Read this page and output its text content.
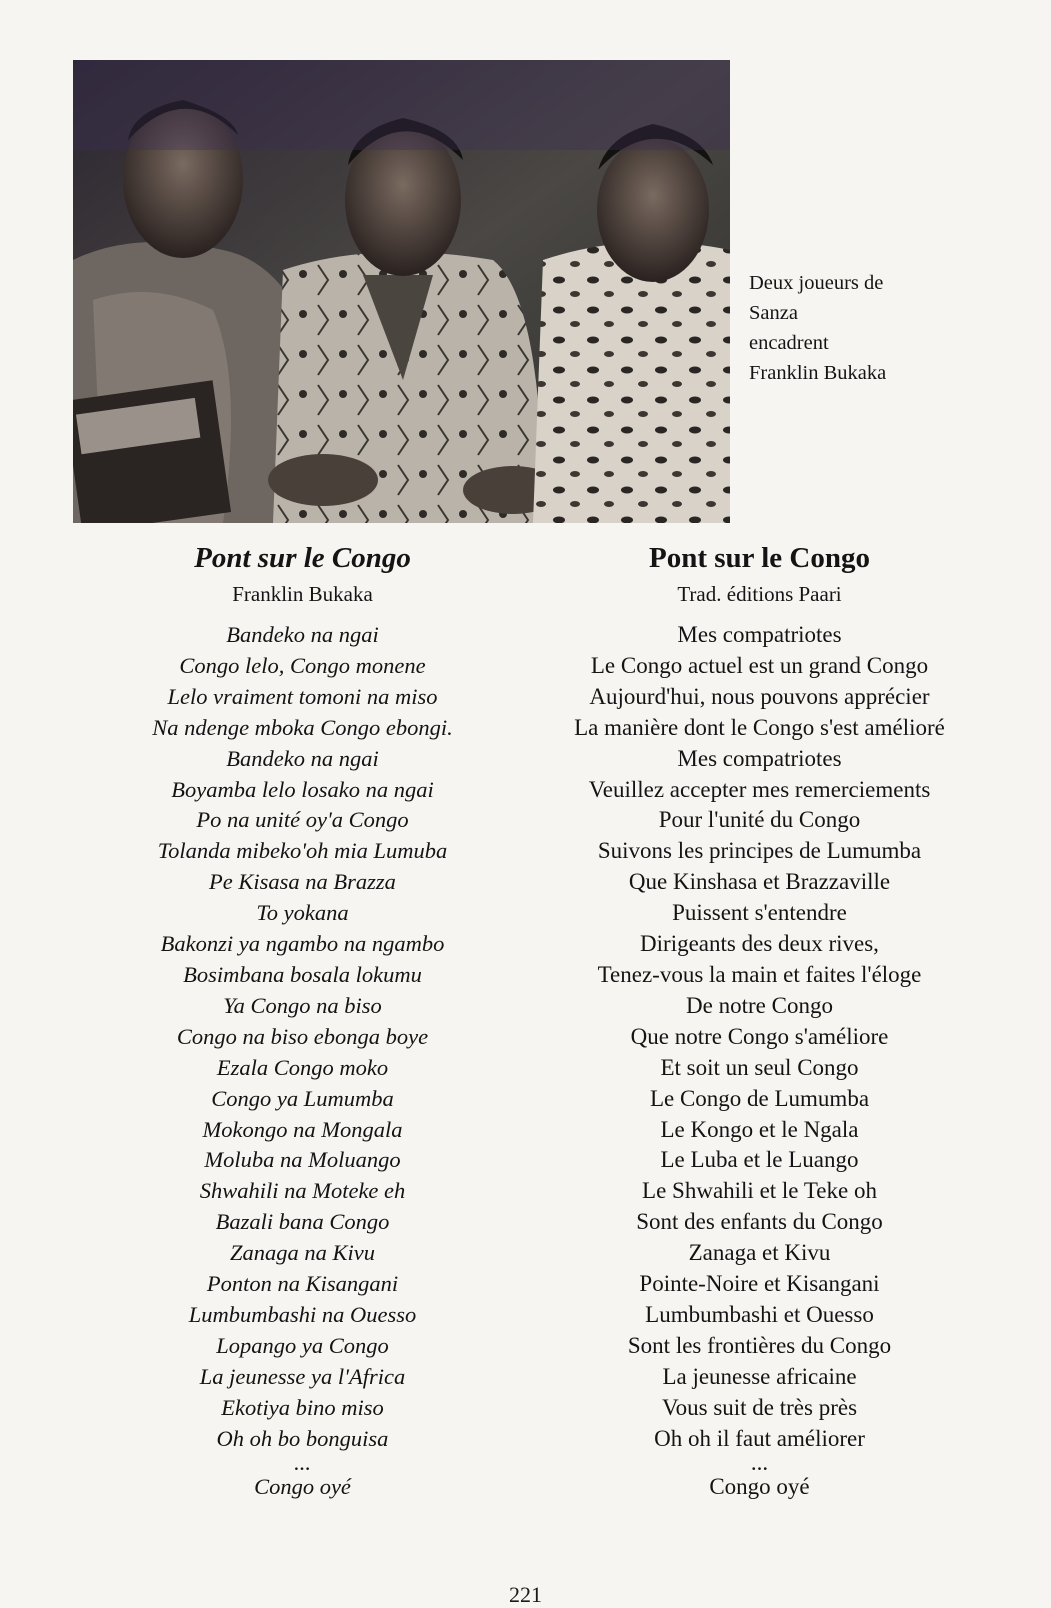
Deux joueurs de
Sanza
encadrent
Franklin Bukaka
Pont sur le Congo
Franklin Bukaka
Bandeko na ngai
Congo lelo, Congo monene
Lelo vraiment tomoni na miso
Na ndenge mboka Congo ebongi.
Bandeko na ngai
Boyamba lelo losako na ngai
Po na unité oy'a Congo
Tolanda mibeko'oh mia Lumuba
Pe Kisasa na Brazza
To yokana
Bakonzi ya ngambo na ngambo
Bosimbana bosala lokumu
Ya Congo na biso
Congo na biso ebonga boye
Ezala Congo moko
Congo ya Lumumba
Mokongo na Mongala
Moluba na Moluango
Shwahili na Moteke eh
Bazali bana Congo
Zanaga na Kivu
Ponton na Kisangani
Lumbumbashi na Ouesso
Lopango ya Congo
La jeunesse ya l'Africa
Ekotiya bino miso
Oh oh bo bonguisa
...
Congo oyé
Pont sur le Congo
Trad. éditions Paari
Mes compatriotes
Le Congo actuel est un grand Congo
Aujourd'hui, nous pouvons apprécier
La manière dont le Congo s'est amélioré
Mes compatriotes
Veuillez accepter mes remerciements
Pour l'unité du Congo
Suivons les principes de Lumumba
Que Kinshasa et Brazzaville
Puissent s'entendre
Dirigeants des deux rives,
Tenez-vous la main et faites l'éloge
De notre Congo
Que notre Congo s'améliore
Et soit un seul Congo
Le Congo de Lumumba
Le Kongo et le Ngala
Le Luba et le Luango
Le Shwahili et le Teke oh
Sont des enfants du Congo
Zanaga et Kivu
Pointe-Noire et Kisangani
Lumbumbashi et Ouesso
Sont les frontières du Congo
La jeunesse africaine
Vous suit de très près
Oh oh il faut améliorer
...
Congo oyé
221
